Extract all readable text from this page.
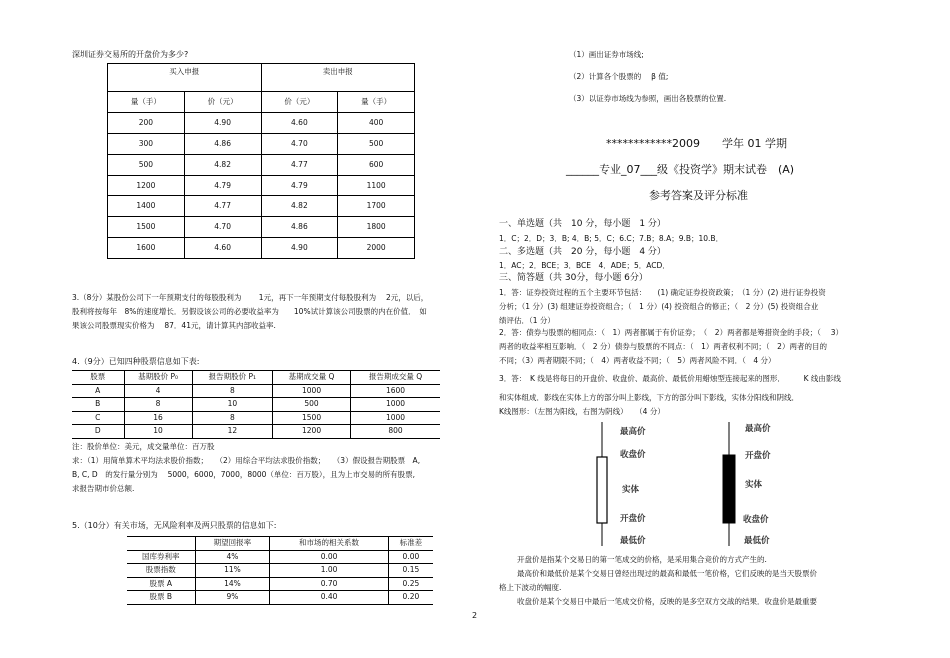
深圳证券交易所的开盘价为多少?
买入申报		卖出申报	
量（手）	价（元）	价（元）	量（手）
200	4.90	4.60	400
300	4.86	4.70	500
500	4.82	4.77	600
1200	4.79	4.79	1100
1400	4.77	4.82	1700
1500	4.70	4.86	1800
1600	4.60	4.90	2000
3.（8分）某股份公司下一年预期支付的每股股利为　　 1元，再下一年预期支付每股股利为　 2元，以后，
股利将按每年　8%的速度增长．另假设该公司的必要收益率为　　10%试计算该公司股票的内在价值．　如
果该公司股票现实价格为　 87．41元，请计算其内部收益率.
4.（9分）已知四种股票信息如下表:
股票	基期股价 P₀	报告期股价 P₁	基期成交量 Q	报告期成交量 Q
A	4	8	1000	1600
B	8	10	500	1000
C	16	8	1500	1000
D	10	12	1200	800
注：股价单位：美元，成交量单位：百万股
求：（1）用简单算术平均法求股价指数；　　（2）用综合平均法求股价指数；　　（3）假设报告期股票　A,
B, C, D　的发行量分别为　 5000，6000，7000，8000（单位：百万股），且为上市交易的所有股票,
求报告期市价总额.
5.（10分）有关市场，无风险利率及两只股票的信息如下:
	期望回报率	和市场的相关系数	标准差
国库券利率	4%	0.00	0.00
股票指数	11%	1.00	0.15
股票 A	14%	0.70	0.25
股票 B	9%	0.40	0.20
2
（1）画出证券市场线;
（2）计算各个股票的　 β 值;
（3）以证券市场线为参照，画出各股票的位置.
************2009　　学年 01 学期
______专业_07___级《投资学》期末试卷　(A)
参考答案及评分标准
一、单选题（共　10 分，每小题　1 分）
1．C；2．D；3．B; 4．B; 5．C；6.C；7.B；8.A；9.B；10.B．
二、多选题（共　20 分，每小题　4 分）
1．AC；2．BCE；3．BCE　4．ADE；5．ACD．
三、简答题（共 30分，每小题 6分）
1．答：证券投资过程的五个主要环节包括：　　(1) 确定证券投资政策；　（1 分）(2) 进行证券投资
分析；（1 分）(3) 组建证券投资组合；（　1 分）(4) 投资组合的修正；（　2 分）(5) 投资组合业
绩评估．（1 分）
2．答：债券与股票的相同点：（　1）两者都属于有价证券；　（　2）两者都是筹措资金的手段；（　 3）
两者的收益率相互影响．（　2 分）债券与股票的不同点：（　1）两者权利不同；（　2）两者的目的
不同；（3）两者期限不同；（　4）两者收益不同；（　5）两者风险不同．（　4 分）
3．答：　K 线是将每日的开盘价、收盘价、最高价、最低价用蜡烛型连接起来的图形．　　　K 线由影线
和实体组成．影线在实体上方的部分叫上影线，下方的部分叫下影线，实体分阳线和阴线．
K线图形：（左图为阳线，右图为阴线）　　（4 分）
最高价
收盘价
实体
开盘价
最低价
最高价
开盘价
实体
收盘价
最低价
开盘价是指某个交易日的第一笔成交的价格，是采用集合竞价的方式产生的.
最高价和最低价是某个交易日曾经出现过的最高和最低一笔价格，它们反映的是当天股票价
格上下波动的幅度.
收盘价是某个交易日中最后一笔成交价格，反映的是多空双方交战的结果．收盘价是最重要
